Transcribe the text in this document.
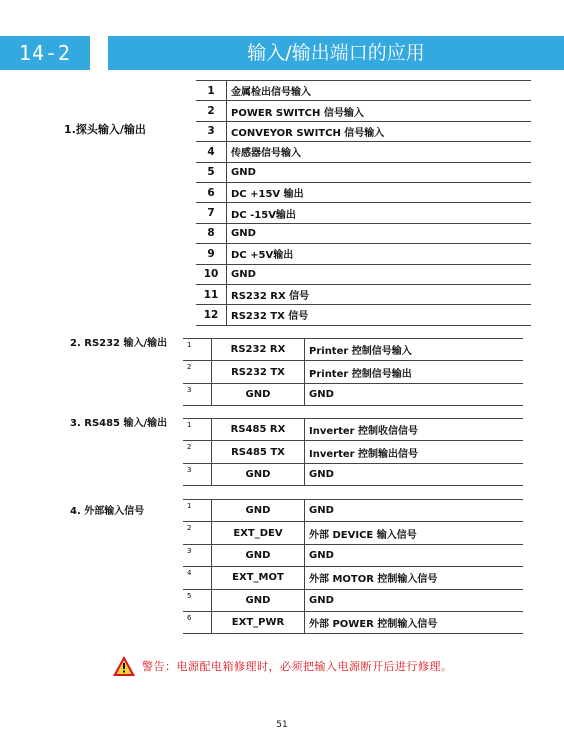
14-2	输入/输出端口的应用
1.探头输入/输出
1	金属检出信号输入
2	POWER SWITCH 信号输入
3	CONVEYOR SWITCH 信号输入
4	传感器信号输入
5	GND
6	DC +15V 输出
7	DC -15V输出
8	GND
9	DC +5V输出
10	GND
11	RS232 RX 信号
12	RS232 TX 信号
2. RS232 输入/输出	1	RS232 RX	Printer 控制信号输入
2	RS232 TX	Printer 控制信号输出
3	GND	GND
3. RS485 输入/输出	1	RS485 RX	Inverter 控制收信信号
2	RS485 TX	Inverter 控制输出信号
3	GND	GND
4. 外部输入信号	1	GND	GND
2	EXT_DEV	外部 DEVICE 输入信号
3	GND	GND
4	EXT_MOT	外部 MOTOR 控制输入信号
5	GND	GND
6	EXT_PWR	外部 POWER 控制输入信号
警告：电源配电箱修理时，必须把输入电源断开后进行修理。
51
